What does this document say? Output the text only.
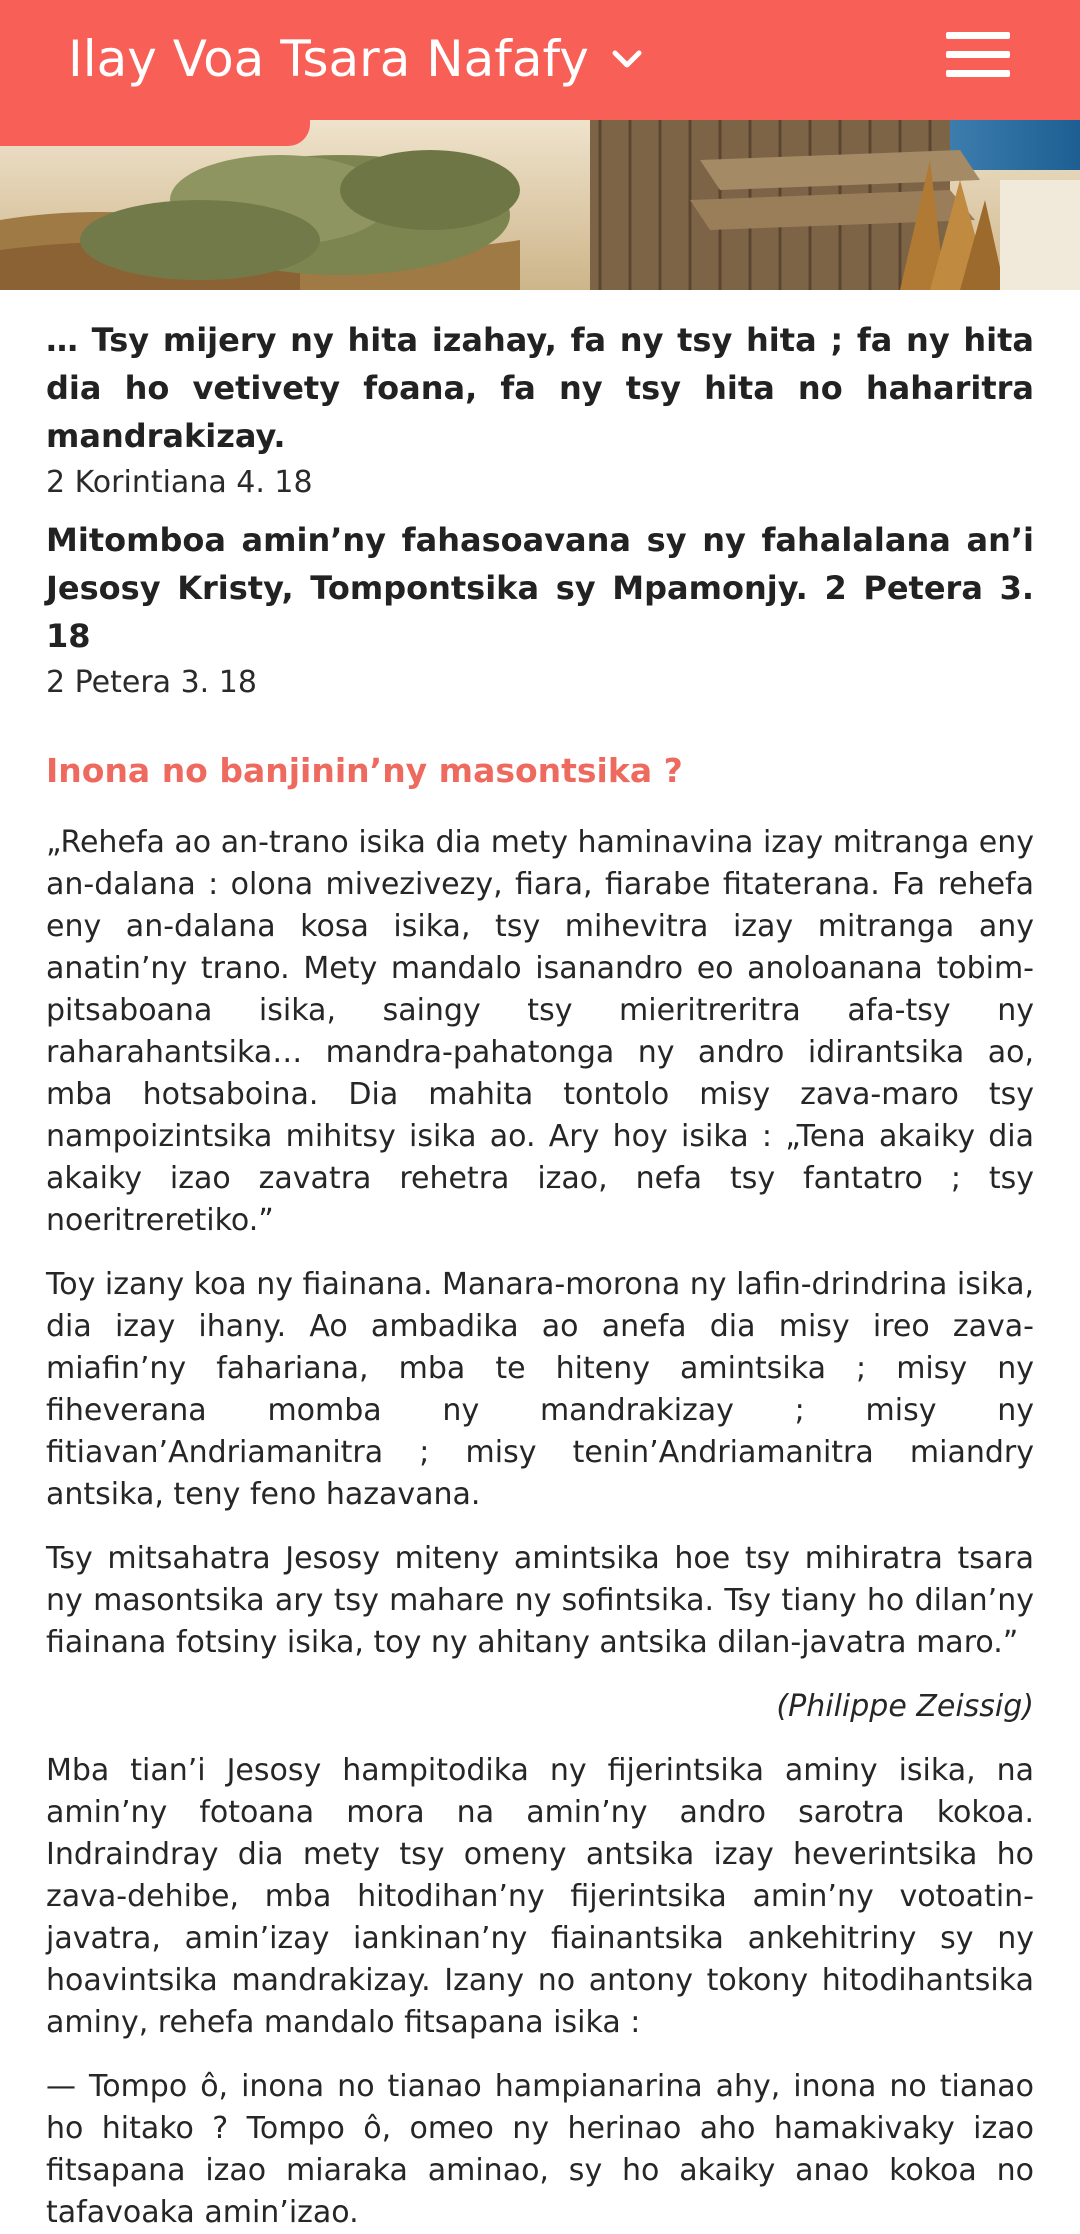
Ilay Voa Tsara Nafafy

… Tsy mijery ny hita izahay, fa ny tsy hita ; fa ny hita dia ho vetivety foana, fa ny tsy hita no haharitra mandrakizay.

2 Korintiana 4. 18

Mitomboa amin’ny fahasoavana sy ny fahalalana an’i Jesosy Kristy, Tompontsika sy Mpamonjy. 2 Petera 3. 18

2 Petera 3. 18

Inona no banjinin’ny masontsika ?

„Rehefa ao an-trano isika dia mety haminavina izay mitranga eny an-dalana : olona mivezivezy, fiara, fiarabe fitaterana. Fa rehefa eny an-dalana kosa isika, tsy mihevitra izay mitranga any anatin’ny trano. Mety mandalo isanandro eo anoloanana tobim-pitsaboana isika, saingy tsy mieritreritra afa-tsy ny raharahantsika… mandra-pahatonga ny andro idirantsika ao, mba hotsaboina. Dia mahita tontolo misy zava-maro tsy nampoizintsika mihitsy isika ao. Ary hoy isika : „Tena akaiky dia akaiky izao zavatra rehetra izao, nefa tsy fantatro ; tsy noeritreretiko.”

Toy izany koa ny fiainana. Manara-morona ny lafin-drindrina isika, dia izay ihany. Ao ambadika ao anefa dia misy ireo zava-miafin’ny fahariana, mba te hiteny amintsika ; misy ny fiheverana momba ny mandrakizay ; misy ny fitiavan’Andriamanitra ; misy tenin’Andriamanitra miandry antsika, teny feno hazavana.

Tsy mitsahatra Jesosy miteny amintsika hoe tsy mihiratra tsara ny masontsika ary tsy mahare ny sofintsika. Tsy tiany ho dilan’ny fiainana fotsiny isika, toy ny ahitany antsika dilan-javatra maro.”

(Philippe Zeissig)

Mba tian’i Jesosy hampitodika ny fijerintsika aminy isika, na amin’ny fotoana mora na amin’ny andro sarotra kokoa. Indraindray dia mety tsy omeny antsika izay heverintsika ho zava-dehibe, mba hitodihan’ny fijerintsika amin’ny votoatin-javatra, amin’izay iankinan’ny fiainantsika ankehitriny sy ny hoavintsika mandrakizay. Izany no antony tokony hitodihantsika aminy, rehefa mandalo fitsapana isika :

— Tompo ô, inona no tianao hampianarina ahy, inona no tianao ho hitako ? Tompo ô, omeo ny herinao aho hamakivaky izao fitsapana izao miaraka aminao, sy ho akaiky anao kokoa no tafavoaka amin’izao.
